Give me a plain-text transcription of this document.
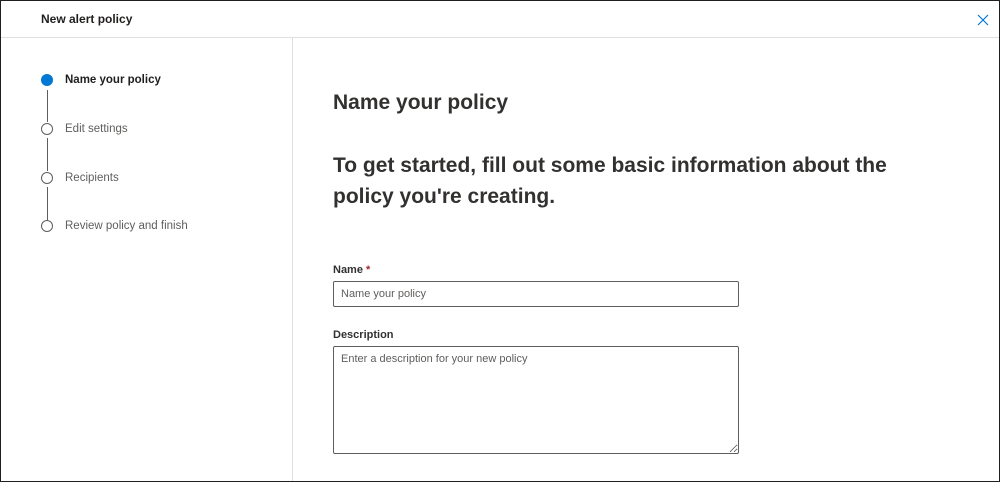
New alert policy
Name your policy
Edit settings
Recipients
Review policy and finish
Name your policy
To get started, fill out some basic information about the policy you're creating.
Name *
Name your policy
Description
Enter a description for your new policy
